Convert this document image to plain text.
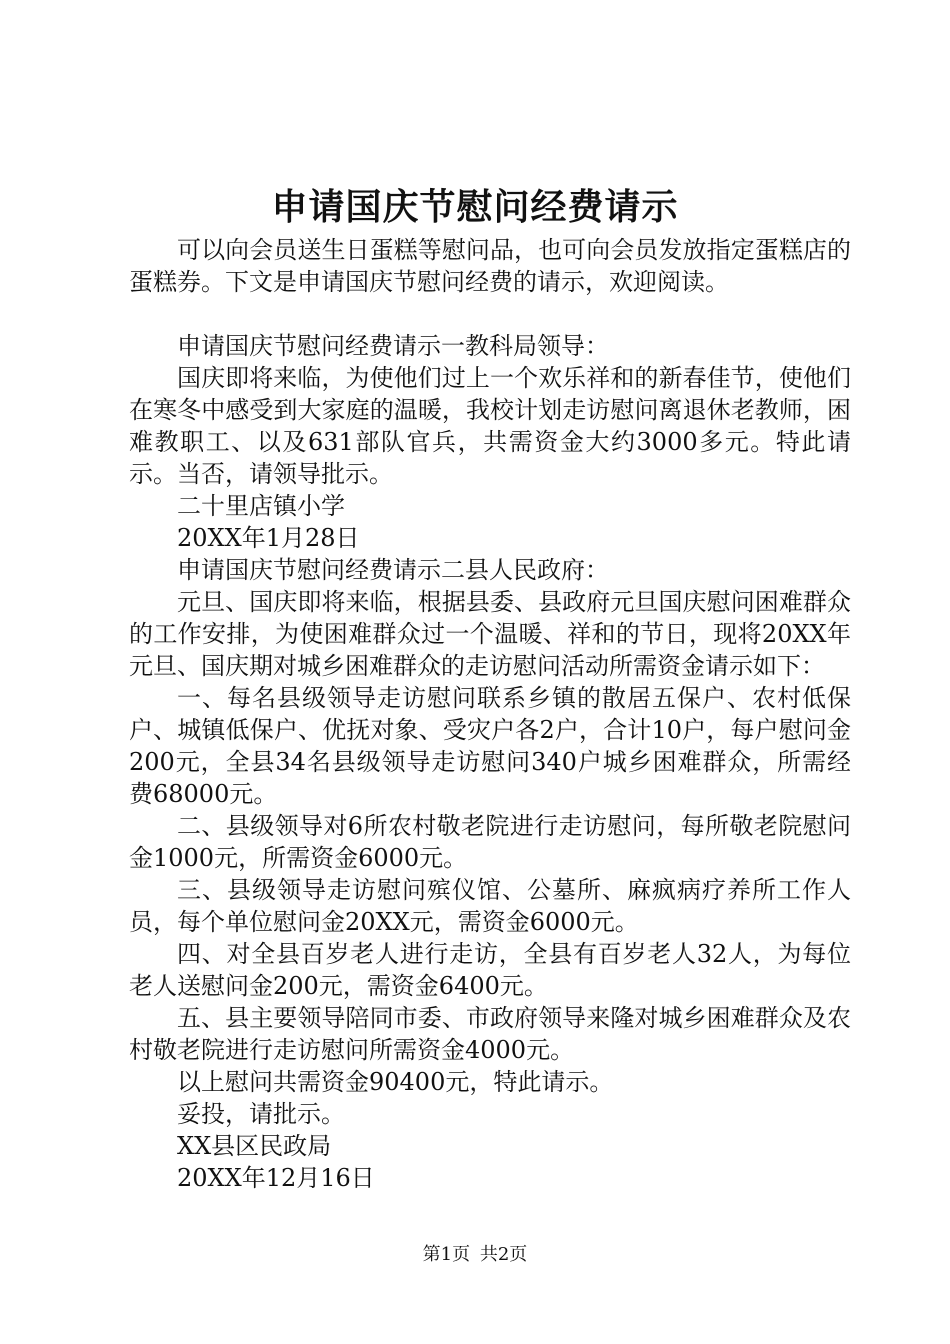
申请国庆节慰问经费请示

可以向会员送生日蛋糕等慰问品，也可向会员发放指定蛋糕店的蛋糕券。下文是申请国庆节慰问经费的请示，欢迎阅读。

申请国庆节慰问经费请示一教科局领导：

国庆即将来临，为使他们过上一个欢乐祥和的新春佳节，使他们在寒冬中感受到大家庭的温暖，我校计划走访慰问离退休老教师，困难教职工、以及631部队官兵，共需资金大约3000多元。特此请示。当否，请领导批示。

二十里店镇小学

20XX年1月28日

申请国庆节慰问经费请示二县人民政府：

元旦、国庆即将来临，根据县委、县政府元旦国庆慰问困难群众的工作安排，为使困难群众过一个温暖、祥和的节日，现将20XX年元旦、国庆期对城乡困难群众的走访慰问活动所需资金请示如下：

一、每名县级领导走访慰问联系乡镇的散居五保户、农村低保户、城镇低保户、优抚对象、受灾户各2户，合计10户，每户慰问金200元，全县34名县级领导走访慰问340户城乡困难群众，所需经费68000元。

二、县级领导对6所农村敬老院进行走访慰问，每所敬老院慰问金1000元，所需资金6000元。

三、县级领导走访慰问殡仪馆、公墓所、麻疯病疗养所工作人员，每个单位慰问金20XX元，需资金6000元。

四、对全县百岁老人进行走访，全县有百岁老人32人，为每位老人送慰问金200元，需资金6400元。

五、县主要领导陪同市委、市政府领导来隆对城乡困难群众及农村敬老院进行走访慰问所需资金4000元。

以上慰问共需资金90400元，特此请示。

妥投，请批示。

XX县区民政局

20XX年12月16日

第1页 共2页
